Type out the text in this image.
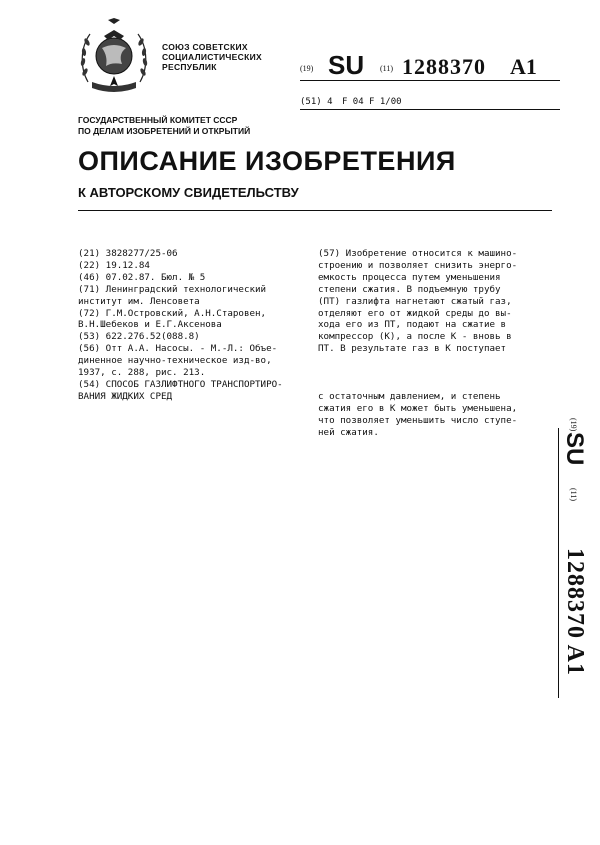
СОЮЗ СОВЕТСКИХ
СОЦИАЛИСТИЧЕСКИХ
РЕСПУБЛИК	(19) SU (11) 1288370 A1
(51) 4 F 04 F 1/00
ГОСУДАРСТВЕННЫЙ КОМИТЕТ СССР
ПО ДЕЛАМ ИЗОБРЕТЕНИЙ И ОТКРЫТИЙ
ОПИСАНИЕ ИЗОБРЕТЕНИЯ
К АВТОРСКОМУ СВИДЕТЕЛЬСТВУ
(21) 3828277/25-06
(22) 19.12.84
(46) 07.02.87. Бюл. № 5
(71) Ленинградский технологический
институт им. Ленсовета
(72) Г.М.Островский, А.Н.Старовен,
В.Н.Шебеков и Е.Г.Аксенова
(53) 622.276.52(088.8)
(56) Отт А.А. Насосы. - М.-Л.: Объе-
диненное научно-техническое изд-во,
1937, с. 288, рис. 213.
(54) СПОСОБ ГАЗЛИФТНОГО ТРАНСПОРТИРО-
ВАНИЯ ЖИДКИХ СРЕД
(57) Изобретение относится к машино-
строению и позволяет снизить энерго-
емкость процесса путем уменьшения
степени сжатия. В подъемную трубу
(ПТ) газлифта нагнетают сжатый газ,
отделяют его от жидкой среды до вы-
хода его из ПТ, подают на сжатие в
компрессор (К), а после К - вновь в
ПТ. В результате газ в К поступает
с остаточным давлением, и степень
сжатия его в К может быть уменьшена,
что позволяет уменьшить число ступе-
ней сжатия.
(19)
SU
(11)
1288370 A1
